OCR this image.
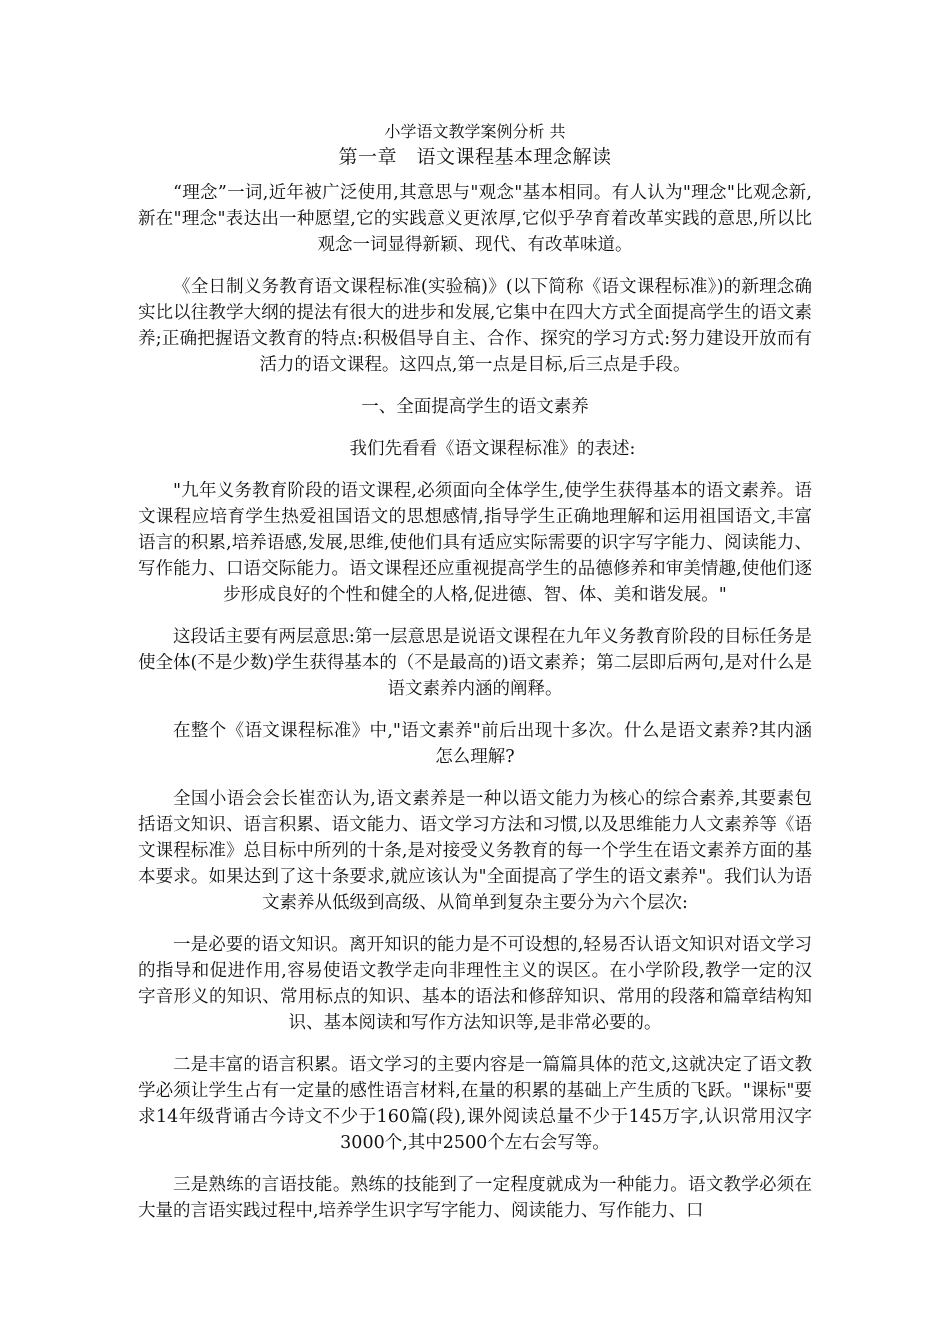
小学语文教学案例分析 共
第一章　语文课程基本理念解读

“理念”一词,近年被广泛使用,其意思与"观念"基本相同。有人认为"理念"比观念新,新在"理念"表达出一种愿望,它的实践意义更浓厚,它似乎孕育着改革实践的意思,所以比观念一词显得新颖、现代、有改革味道。

《全日制义务教育语文课程标准(实验稿)》(以下简称《语文课程标准》)的新理念确实比以往教学大纲的提法有很大的进步和发展,它集中在四大方式全面提高学生的语文素养;正确把握语文教育的特点:积极倡导自主、合作、探究的学习方式:努力建设开放而有活力的语文课程。这四点,第一点是目标,后三点是手段。

一、全面提高学生的语文素养

我们先看看《语文课程标准》的表述:

"九年义务教育阶段的语文课程,必须面向全体学生,使学生获得基本的语文素养。语文课程应培育学生热爱祖国语文的思想感情,指导学生正确地理解和运用祖国语文,丰富语言的积累,培养语感,发展,思维,使他们具有适应实际需要的识字写字能力、阅读能力、写作能力、口语交际能力。语文课程还应重视提高学生的品德修养和审美情趣,使他们逐步形成良好的个性和健全的人格,促进德、智、体、美和谐发展。"

这段话主要有两层意思:第一层意思是说语文课程在九年义务教育阶段的目标任务是使全体(不是少数)学生获得基本的（不是最高的)语文素养；第二层即后两句,是对什么是语文素养内涵的阐释。

在整个《语文课程标准》中,"语文素养"前后出现十多次。什么是语文素养?其内涵怎么理解?

全国小语会会长崔峦认为,语文素养是一种以语文能力为核心的综合素养,其要素包括语文知识、语言积累、语文能力、语文学习方法和习惯,以及思维能力人文素养等《语文课程标准》总目标中所列的十条,是对接受义务教育的每一个学生在语文素养方面的基本要求。如果达到了这十条要求,就应该认为"全面提高了学生的语文素养"。我们认为语文素养从低级到高级、从简单到复杂主要分为六个层次:

一是必要的语文知识。离开知识的能力是不可设想的,轻易否认语文知识对语文学习的指导和促进作用,容易使语文教学走向非理性主义的误区。在小学阶段,教学一定的汉字音形义的知识、常用标点的知识、基本的语法和修辞知识、常用的段落和篇章结构知识、基本阅读和写作方法知识等,是非常必要的。

二是丰富的语言积累。语文学习的主要内容是一篇篇具体的范文,这就决定了语文教学必须让学生占有一定量的感性语言材料,在量的积累的基础上产生质的飞跃。"课标"要求14年级背诵古今诗文不少于160篇(段),课外阅读总量不少于145万字,认识常用汉字3000个,其中2500个左右会写等。

三是熟练的言语技能。熟练的技能到了一定程度就成为一种能力。语文教学必须在大量的言语实践过程中,培养学生识字写字能力、阅读能力、写作能力、口
